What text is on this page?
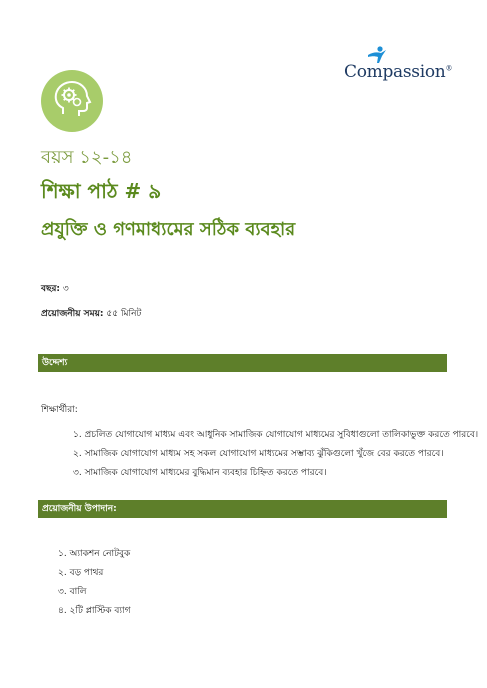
Compassion®
বয়স ১২-১৪
শিক্ষা পাঠ # ৯
প্রযুক্তি ও গণমাধ্যমের সঠিক ব্যবহার
বছর: ৩
প্রয়োজনীয় সময়: ৫৫ মিনিট
উদ্দেশ্য
শিক্ষার্থীরা:
১. প্রচলিত যোগাযোগ মাধ্যম এবং আধুনিক সামাজিক যোগাযোগ মাধ্যমের সুবিধাগুলো তালিকাভুক্ত করতে পারবে।
২. সামাজিক যোগাযোগ মাধ্যম সহ সকল যোগাযোগ মাধ্যমের সম্ভাব্য ঝুঁকিগুলো খুঁজে বের করতে পারবে।
৩. সামাজিক যোগাযোগ মাধ্যমের বুদ্ধিমান ব্যবহার চিহ্নিত করতে পারবে।
প্রয়োজনীয় উপাদান:
১. অ্যাকশন নোটবুক
২. বড় পাথর
৩. বালি
৪. ২টি প্লাস্টিক ব্যাগ
